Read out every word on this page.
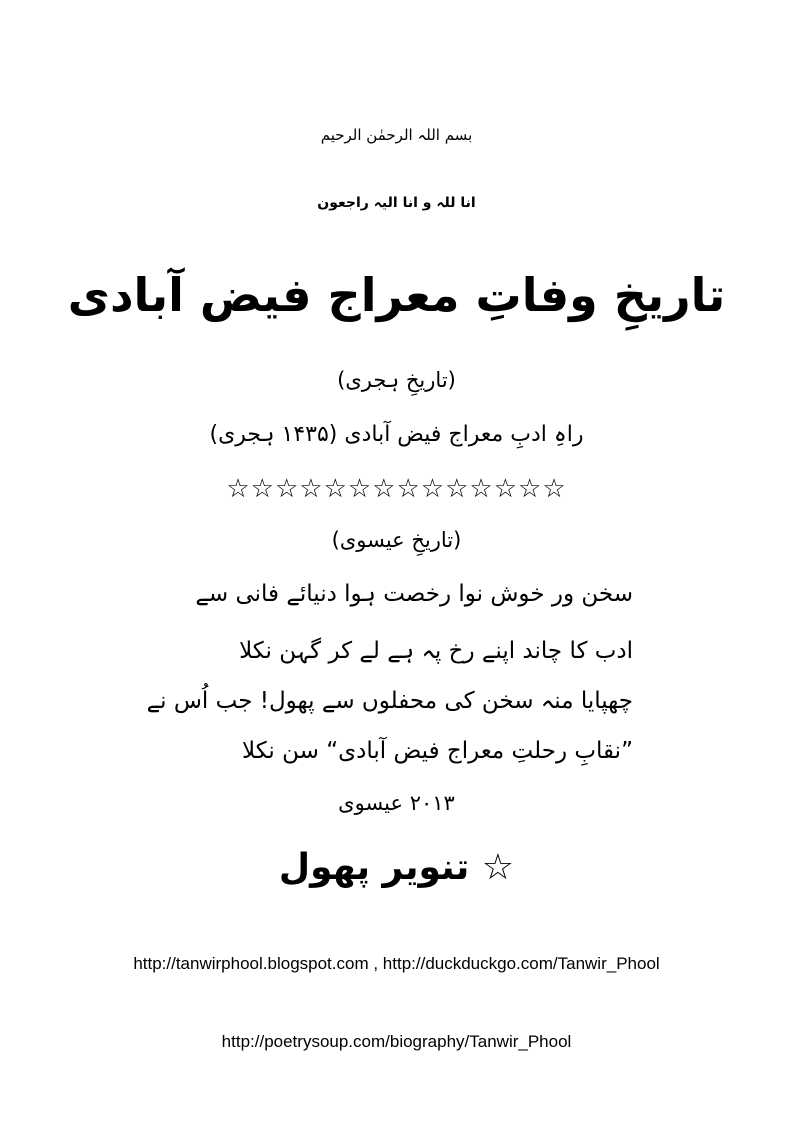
بسم اللہ الرحمٰن الرحیم
انا للہ و انا الیہ راجعون
تاریخِ وفاتِ معراج فیض آبادی
(تاریخِ ہجری)
راہِ ادبِ معراج فیض آبادی (۱۴۳۵ ہجری)
☆☆☆☆☆☆☆☆☆☆☆☆☆☆
(تاریخِ عیسوی)
سخن ور خوش نوا رخصت ہوا دنیائے فانی سے
ادب کا چاند اپنے رخ پہ ہے لے کر گہن نکلا
چھپایا منہ سخن کی محفلوں سے پھول! جب اُس نے
”نقابِ رحلتِ معراج فیض آبادی“ سن نکلا
۲۰۱۳ عیسوی
☆ تنویر پھول
http://tanwirphool.blogspot.com , http://duckduckgo.com/Tanwir_Phool
http://poetrysoup.com/biography/Tanwir_Phool
